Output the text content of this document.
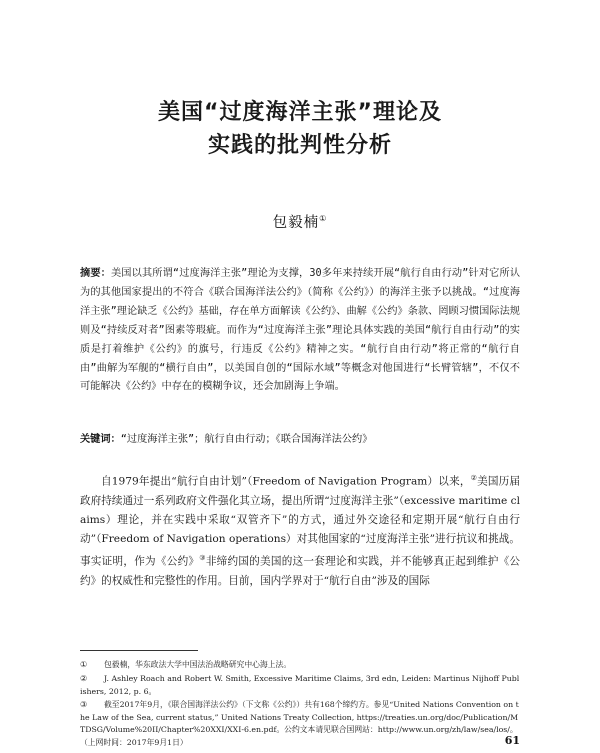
美国“过度海洋主张”理论及
实践的批判性分析
包毅楠①
摘要：美国以其所谓“过度海洋主张”理论为支撑，30多年来持续开展“航行自由行动”针对它所认为的其他国家提出的不符合《联合国海洋法公约》（简称《公约》）的海洋主张予以挑战。“过度海洋主张”理论缺乏《公约》基础，存在单方面解读《公约》、曲解《公约》条款、罔顾习惯国际法规则及“持续反对者”图素等瑕疵。而作为“过度海洋主张”理论具体实践的美国“航行自由行动”的实质是打着维护《公约》的旗号，行违反《公约》精神之实。“航行自由行动”将正常的“航行自由”曲解为军舰的“横行自由”，以美国自创的“国际水域”等概念对他国进行“长臂管辖”，不仅不可能解决《公约》中存在的模糊争议，还会加剧海上争端。
关键词：“过度海洋主张”；航行自由行动；《联合国海洋法公约》
自1979年提出“航行自由计划”（Freedom of Navigation Program）以来，②美国历届政府持续通过一系列政府文件强化其立场，提出所谓“过度海洋主张”（excessive maritime claims）理论，并在实践中采取“双管齐下”的方式，通过外交途径和定期开展“航行自由行动”（Freedom of Navigation operations）对其他国家的“过度海洋主张”进行抗议和挑战。事实证明，作为《公约》③非缔约国的美国的这一套理论和实践，并不能够真正起到维护《公约》的权威性和完整性的作用。目前，国内学界对于“航行自由”涉及的国际
① 包毅楠，华东政法大学中国法治战略研究中心海上法。
② J. Ashley Roach and Robert W. Smith, Excessive Maritime Claims, 3rd edn, Leiden: Martinus Nijhoff Publishers, 2012, p. 6。
③ 截至2017年9月，《联合国海洋法公约》（下文称《公约》）共有168个缔约方。参见“United Nations Convention on the Law of the Sea, current status,” United Nations Treaty Collection, https://treaties.un.org/doc/Publication/MTDSG/Volume%20II/Chapter%20XXI/XXI-6.en.pdf。公约文本请见联合国网站：http://www.un.org/zh/law/sea/los/。（上网时间：2017年9月1日）	61
